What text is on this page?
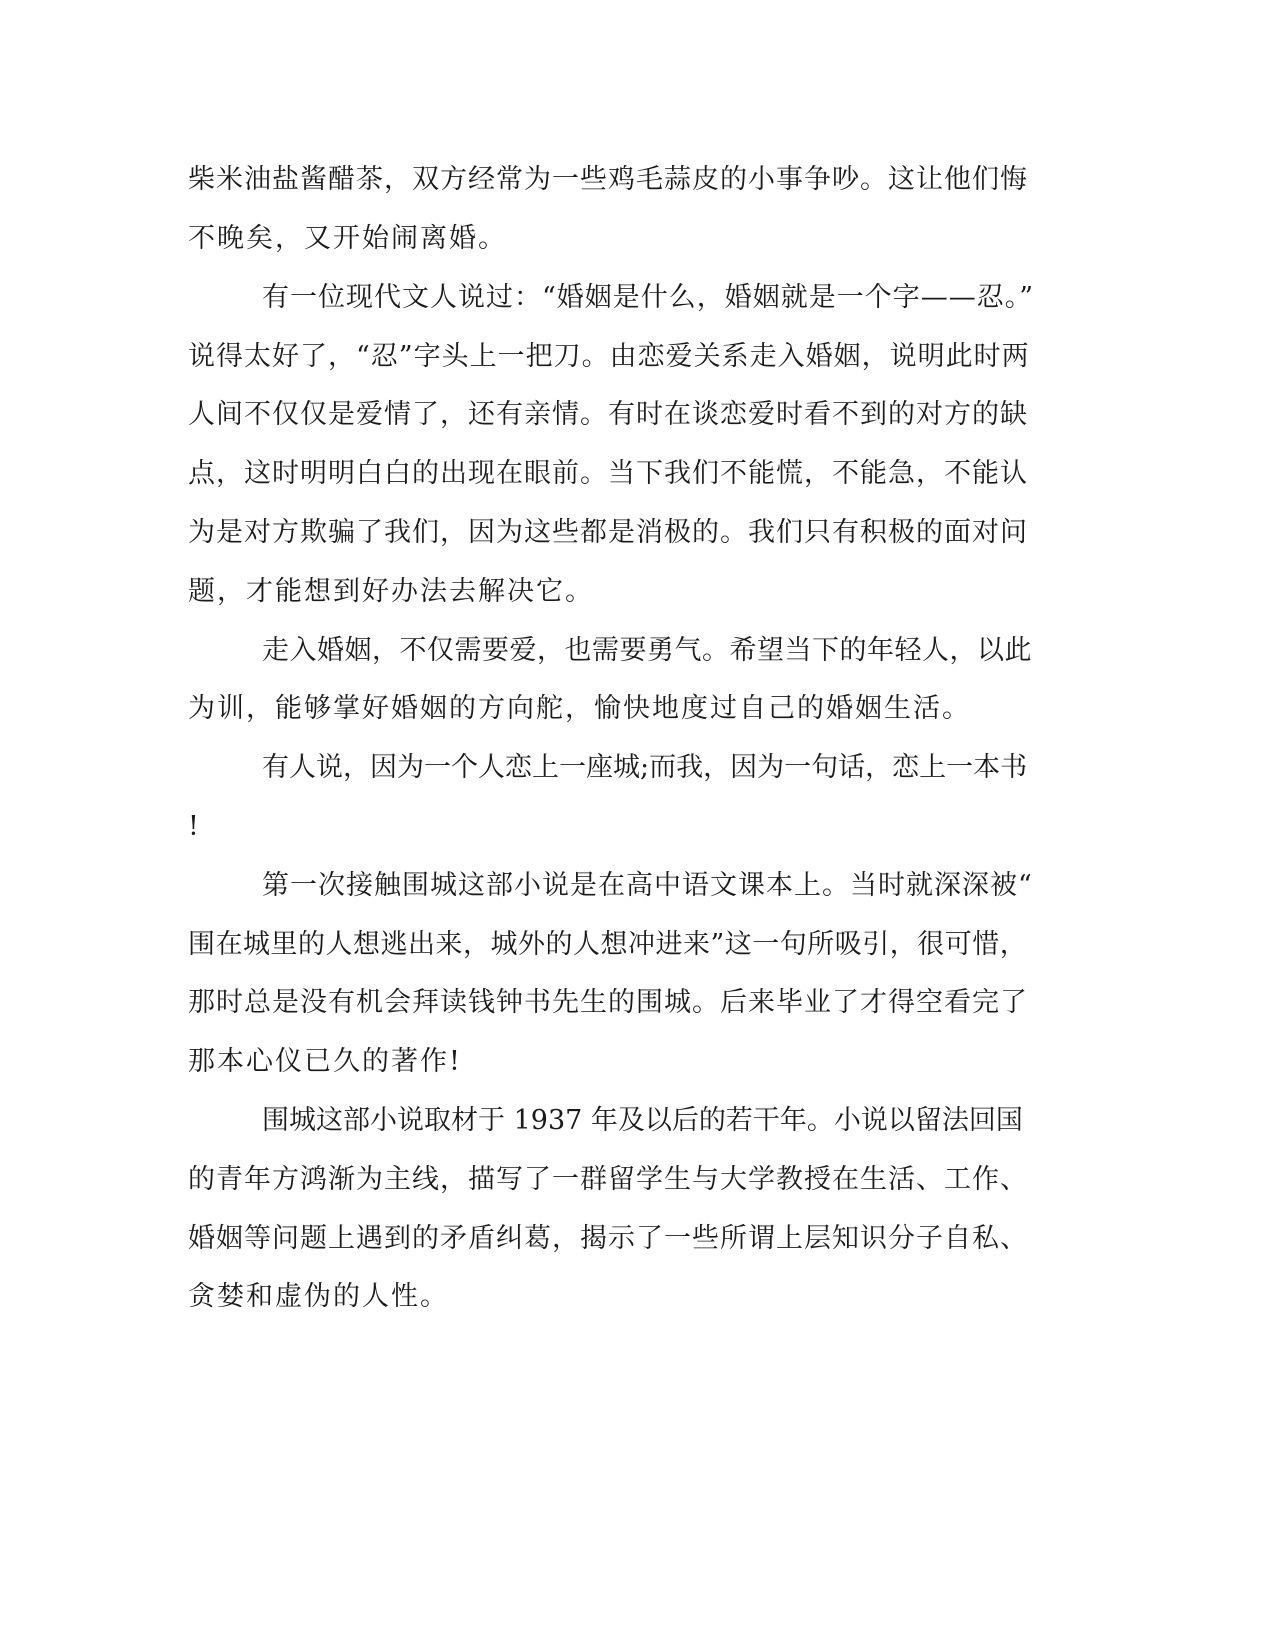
柴米油盐酱醋茶，双方经常为一些鸡毛蒜皮的小事争吵。这让他们悔
不晚矣，又开始闹离婚。
有一位现代文人说过：“婚姻是什么，婚姻就是一个字——忍。”
说得太好了，“忍”字头上一把刀。由恋爱关系走入婚姻，说明此时两
人间不仅仅是爱情了，还有亲情。有时在谈恋爱时看不到的对方的缺
点，这时明明白白的出现在眼前。当下我们不能慌，不能急，不能认
为是对方欺骗了我们，因为这些都是消极的。我们只有积极的面对问
题，才能想到好办法去解决它。
走入婚姻，不仅需要爱，也需要勇气。希望当下的年轻人，以此
为训，能够掌好婚姻的方向舵，愉快地度过自己的婚姻生活。
有人说，因为一个人恋上一座城;而我，因为一句话，恋上一本书
!
第一次接触围城这部小说是在高中语文课本上。当时就深深被“
围在城里的人想逃出来，城外的人想冲进来”这一句所吸引，很可惜，
那时总是没有机会拜读钱钟书先生的围城。后来毕业了才得空看完了
那本心仪已久的著作!
围城这部小说取材于 1937 年及以后的若干年。小说以留法回国
的青年方鸿渐为主线，描写了一群留学生与大学教授在生活、工作、
婚姻等问题上遇到的矛盾纠葛，揭示了一些所谓上层知识分子自私、
贪婪和虚伪的人性。
